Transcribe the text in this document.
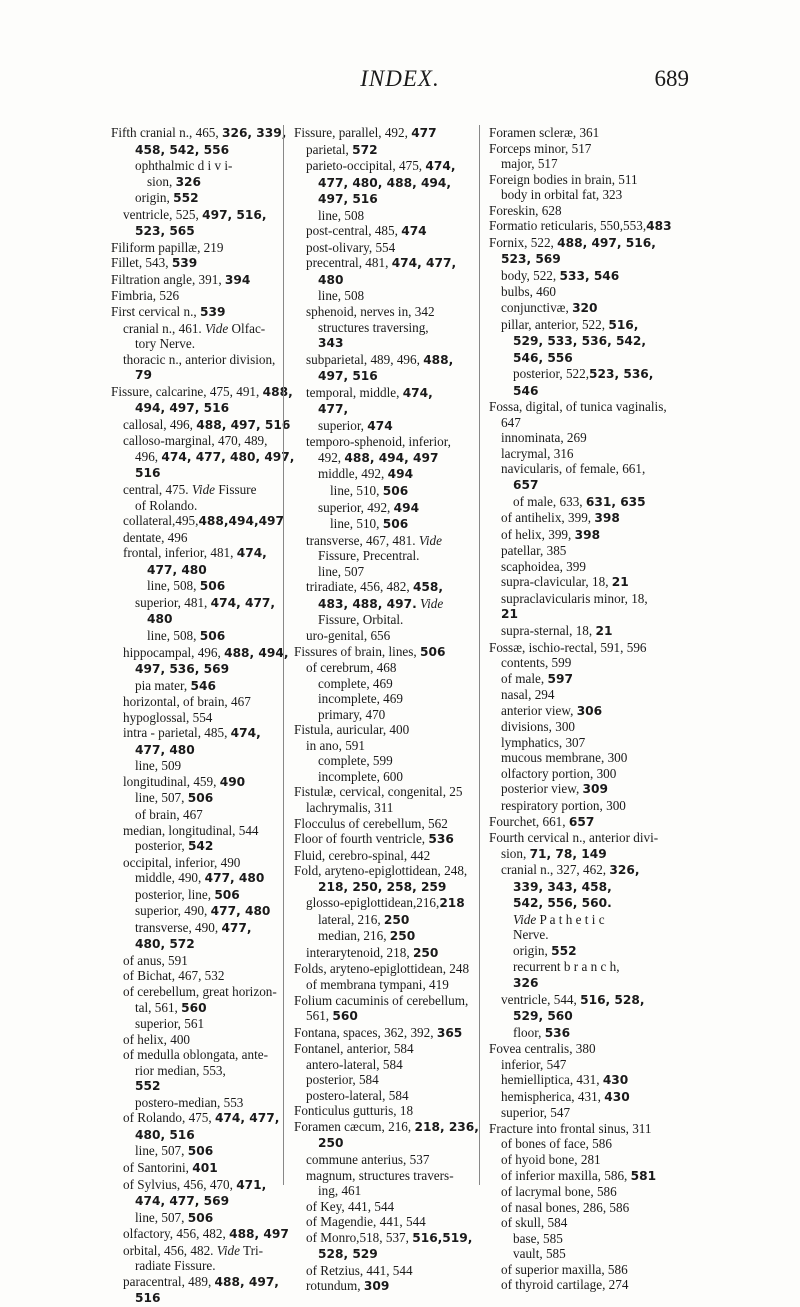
INDEX.	689
Fifth cranial n., 465, 326, 339,
458, 542, 556
ophthalmic d i v i-
sion, 326
origin, 552
ventricle, 525, 497, 516,
523, 565
Filiform papillæ, 219
Fillet, 543, 539
Filtration angle, 391, 394
Fimbria, 526
First cervical n., 539
cranial n., 461. Vide Olfac-
tory Nerve.
thoracic n., anterior division,
79
Fissure, calcarine, 475, 491, 488,
494, 497, 516
callosal, 496, 488, 497, 516
calloso-marginal, 470, 489,
496, 474, 477, 480, 497,
516
central, 475. Vide Fissure
of Rolando.
collateral,495,488,494,497
dentate, 496
frontal, inferior, 481, 474,
477, 480
line, 508, 506
superior, 481, 474, 477,
480
line, 508, 506
hippocampal, 496, 488, 494,
497, 536, 569
pia mater, 546
horizontal, of brain, 467
hypoglossal, 554
intra - parietal, 485, 474,
477, 480
line, 509
longitudinal, 459, 490
line, 507, 506
of brain, 467
median, longitudinal, 544
posterior, 542
occipital, inferior, 490
middle, 490, 477, 480
posterior, line, 506
superior, 490, 477, 480
transverse, 490, 477,
480, 572
of anus, 591
of Bichat, 467, 532
of cerebellum, great horizon-
tal, 561, 560
superior, 561
of helix, 400
of medulla oblongata, ante-
rior median, 553,
552
postero-median, 553
of Rolando, 475, 474, 477,
480, 516
line, 507, 506
of Santorini, 401
of Sylvius, 456, 470, 471,
474, 477, 569
line, 507, 506
olfactory, 456, 482, 488, 497
orbital, 456, 482. Vide Tri-
radiate Fissure.
paracentral, 489, 488, 497,
516
Fissure, parallel, 492, 477
parietal, 572
parieto-occipital, 475, 474,
477, 480, 488, 494,
497, 516
line, 508
post-central, 485, 474
post-olivary, 554
precentral, 481, 474, 477,
480
line, 508
sphenoid, nerves in, 342
structures traversing,
343
subparietal, 489, 496, 488,
497, 516
temporal, middle, 474,
477,
superior, 474
temporo-sphenoid, inferior,
492, 488, 494, 497
middle, 492, 494
line, 510, 506
superior, 492, 494
line, 510, 506
transverse, 467, 481. Vide
Fissure, Precentral.
line, 507
triradiate, 456, 482, 458,
483, 488, 497. Vide
Fissure, Orbital.
uro-genital, 656
Fissures of brain, lines, 506
of cerebrum, 468
complete, 469
incomplete, 469
primary, 470
Fistula, auricular, 400
in ano, 591
complete, 599
incomplete, 600
Fistulæ, cervical, congenital, 25
lachrymalis, 311
Flocculus of cerebellum, 562
Floor of fourth ventricle, 536
Fluid, cerebro-spinal, 442
Fold, aryteno-epiglottidean, 248,
218, 250, 258, 259
glosso-epiglottidean,216,218
lateral, 216, 250
median, 216, 250
interarytenoid, 218, 250
Folds, aryteno-epiglottidean, 248
of membrana tympani, 419
Folium cacuminis of cerebellum,
561, 560
Fontana, spaces, 362, 392, 365
Fontanel, anterior, 584
antero-lateral, 584
posterior, 584
postero-lateral, 584
Fonticulus gutturis, 18
Foramen cæcum, 216, 218, 236,
250
commune anterius, 537
magnum, structures travers-
ing, 461
of Key, 441, 544
of Magendie, 441, 544
of Monro,518, 537, 516,519,
528, 529
of Retzius, 441, 544
rotundum, 309
Foramen scleræ, 361
Forceps minor, 517
major, 517
Foreign bodies in brain, 511
body in orbital fat, 323
Foreskin, 628
Formatio reticularis, 550,553,483
Fornix, 522, 488, 497, 516,
523, 569
body, 522, 533, 546
bulbs, 460
conjunctivæ, 320
pillar, anterior, 522, 516,
529, 533, 536, 542,
546, 556
posterior, 522,523, 536,
546
Fossa, digital, of tunica vaginalis,
647
innominata, 269
lacrymal, 316
navicularis, of female, 661,
657
of male, 633, 631, 635
of antihelix, 399, 398
of helix, 399, 398
patellar, 385
scaphoidea, 399
supra-clavicular, 18, 21
supraclavicularis minor, 18,
21
supra-sternal, 18, 21
Fossæ, ischio-rectal, 591, 596
contents, 599
of male, 597
nasal, 294
anterior view, 306
divisions, 300
lymphatics, 307
mucous membrane, 300
olfactory portion, 300
posterior view, 309
respiratory portion, 300
Fourchet, 661, 657
Fourth cervical n., anterior divi-
sion, 71, 78, 149
cranial n., 327, 462, 326,
339, 343, 458,
542, 556, 560.
Vide P a t h e t i c
Nerve.
origin, 552
recurrent b r a n c h,
326
ventricle, 544, 516, 528,
529, 560
floor, 536
Fovea centralis, 380
inferior, 547
hemielliptica, 431, 430
hemispherica, 431, 430
superior, 547
Fracture into frontal sinus, 311
of bones of face, 586
of hyoid bone, 281
of inferior maxilla, 586, 581
of lacrymal bone, 586
of nasal bones, 286, 586
of skull, 584
base, 585
vault, 585
of superior maxilla, 586
of thyroid cartilage, 274
